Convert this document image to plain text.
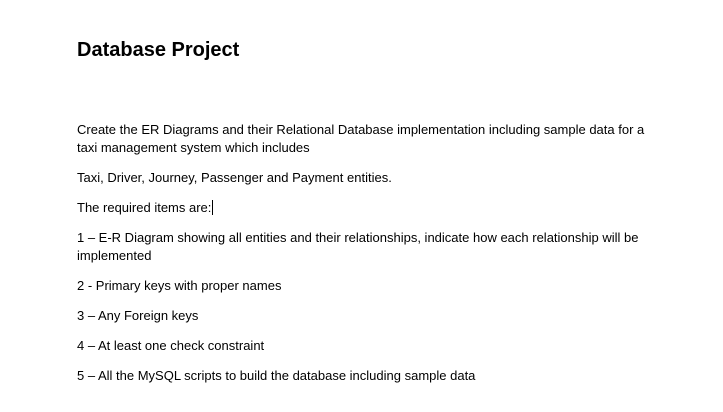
Database Project

Create the ER Diagrams and their Relational Database implementation including sample data for a taxi management system which includes

Taxi, Driver, Journey, Passenger and Payment entities.

The required items are:

1 – E-R Diagram showing all entities and their relationships, indicate how each relationship will be implemented

2 - Primary keys with proper names

3 – Any Foreign keys

4 – At least one check constraint

5 – All the MySQL scripts to build the database including sample data
